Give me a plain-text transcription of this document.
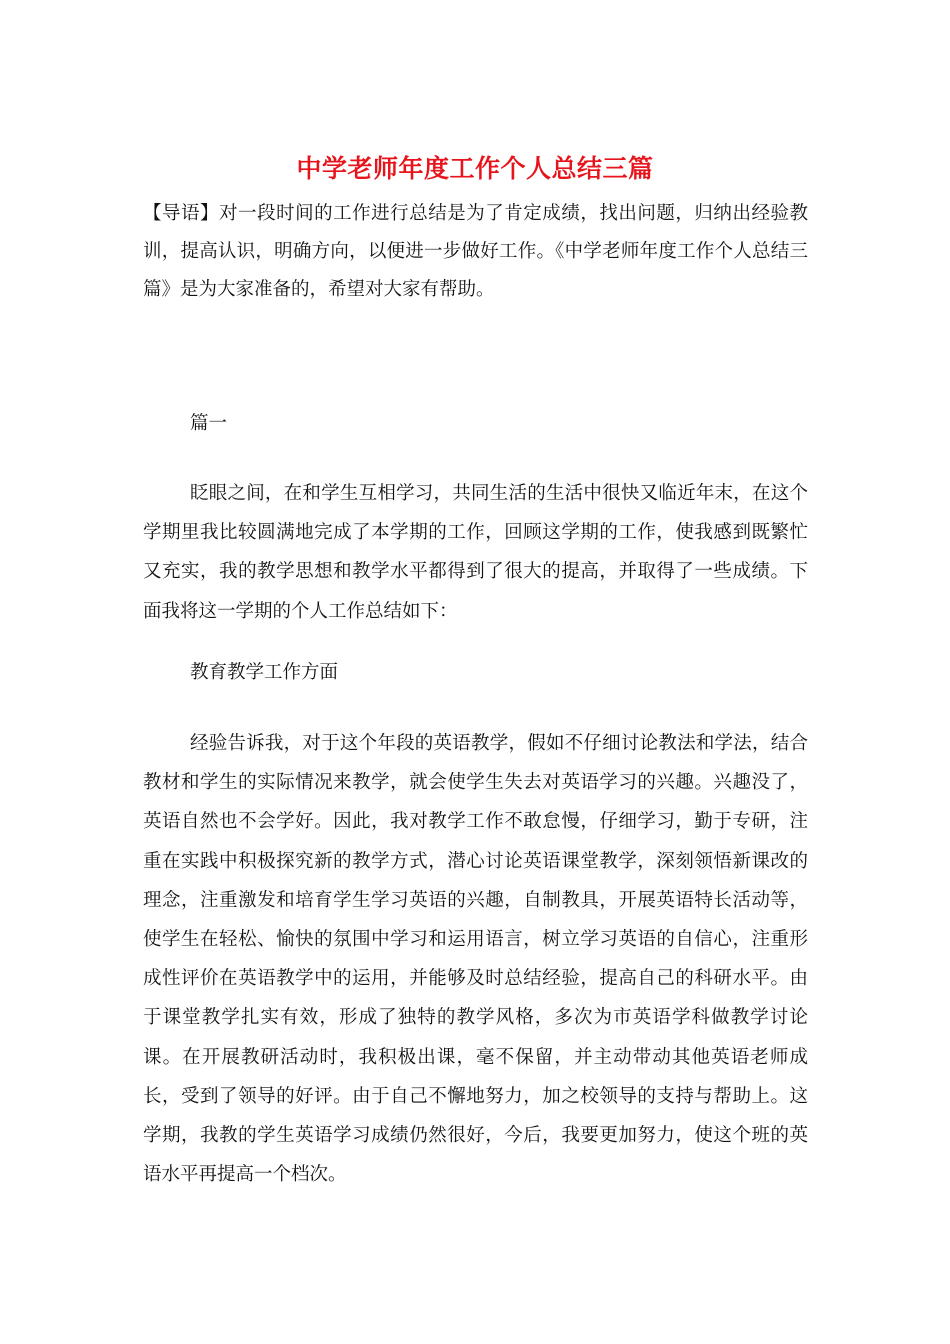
中学老师年度工作个人总结三篇
【导语】对一段时间的工作进行总结是为了肯定成绩，找出问题，归纳出经验教训，提高认识，明确方向，以便进一步做好工作。《中学老师年度工作个人总结三篇》是为大家准备的，希望对大家有帮助。
篇一
眨眼之间，在和学生互相学习，共同生活的生活中很快又临近年末，在这个学期里我比较圆满地完成了本学期的工作，回顾这学期的工作，使我感到既繁忙又充实，我的教学思想和教学水平都得到了很大的提高，并取得了一些成绩。下面我将这一学期的个人工作总结如下：
教育教学工作方面
经验告诉我，对于这个年段的英语教学，假如不仔细讨论教法和学法，结合教材和学生的实际情况来教学，就会使学生失去对英语学习的兴趣。兴趣没了，英语自然也不会学好。因此，我对教学工作不敢怠慢，仔细学习，勤于专研，注重在实践中积极探究新的教学方式，潜心讨论英语课堂教学，深刻领悟新课改的理念，注重激发和培育学生学习英语的兴趣，自制教具，开展英语特长活动等，使学生在轻松、愉快的氛围中学习和运用语言，树立学习英语的自信心，注重形成性评价在英语教学中的运用，并能够及时总结经验，提高自己的科研水平。由于课堂教学扎实有效，形成了独特的教学风格，多次为市英语学科做教学讨论课。在开展教研活动时，我积极出课，毫不保留，并主动带动其他英语老师成长，受到了领导的好评。由于自己不懈地努力，加之校领导的支持与帮助上。这学期，我教的学生英语学习成绩仍然很好，今后，我要更加努力，使这个班的英语水平再提高一个档次。
